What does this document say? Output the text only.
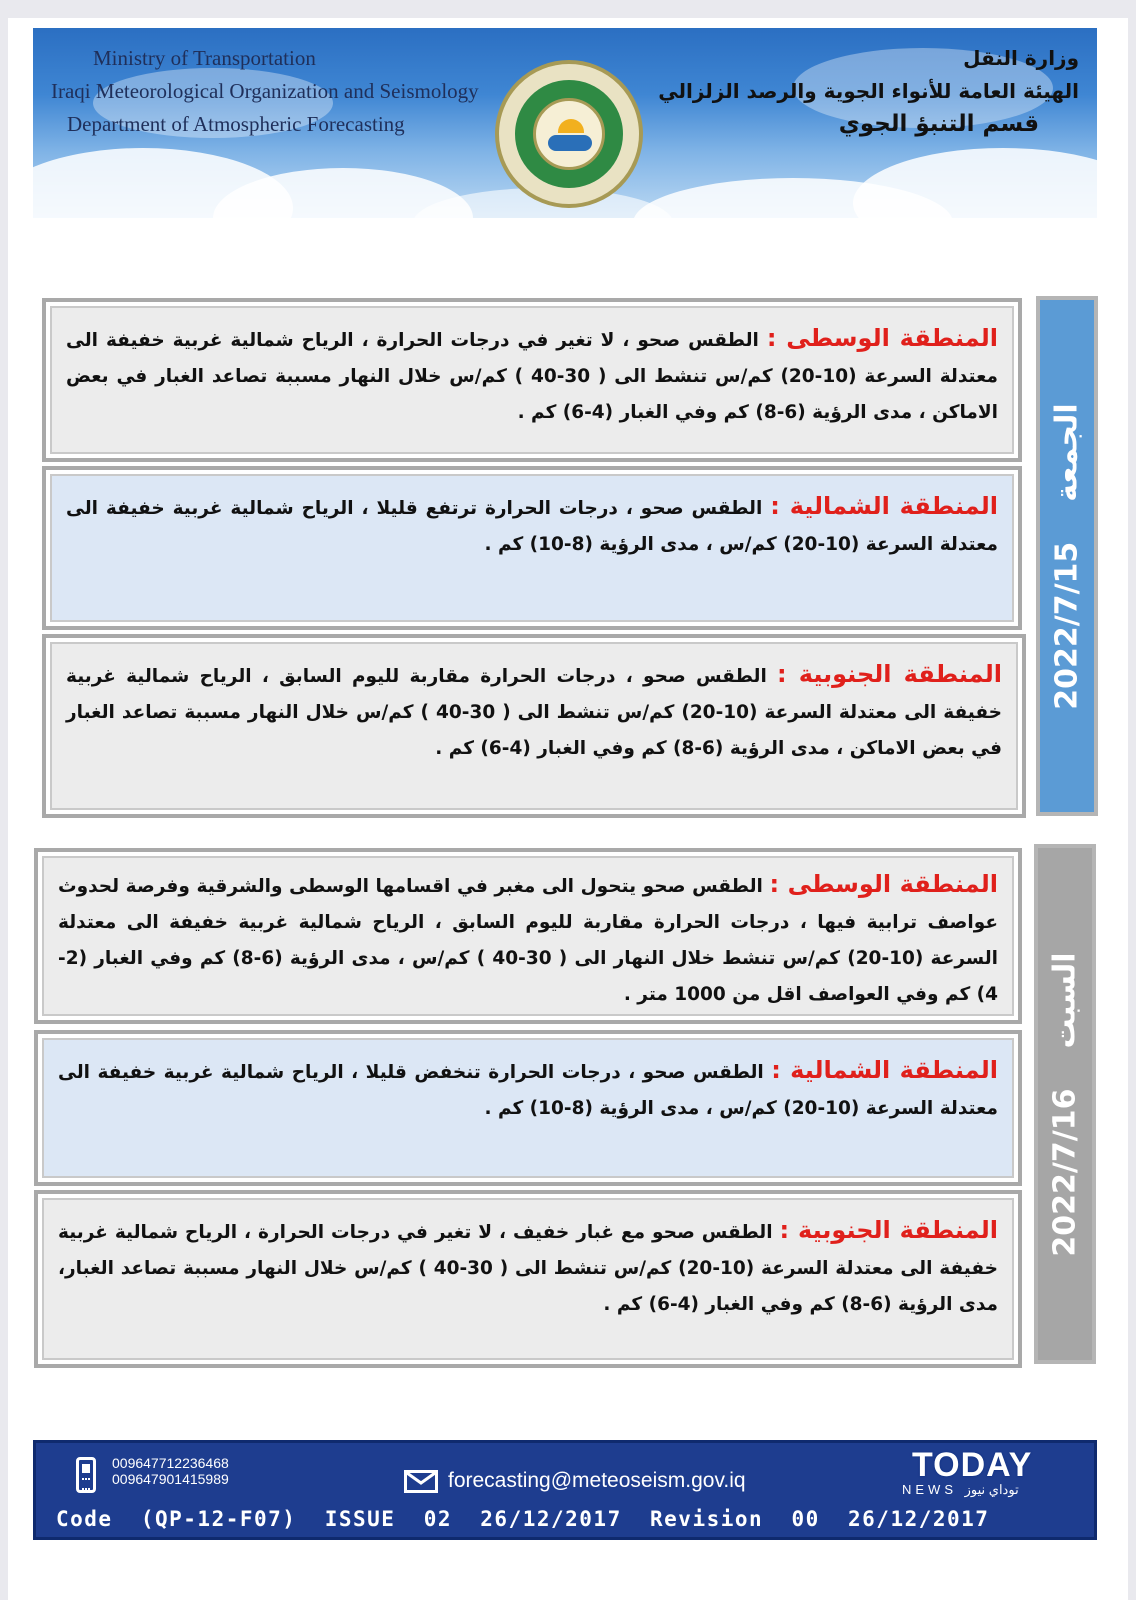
Ministry of Transportation
Iraqi Meteorological Organization and Seismology
Department of Atmospheric Forecasting
وزارة النقل
الهيئة العامة للأنواء الجوية والرصد الزلزالي
قسم التنبؤ الجوي
2022/7/15
الجمعة
المنطقة الوسطى : الطقس صحو ، لا تغير في درجات الحرارة ، الرياح شمالية غربية خفيفة الى معتدلة السرعة (10-20) كم/س تنشط الى ( 30-40 ) كم/س خلال النهار مسببة تصاعد الغبار في بعض الاماكن ، مدى الرؤية (6-8) كم وفي الغبار (4-6) كم .
المنطقة الشمالية : الطقس صحو ، درجات الحرارة ترتفع قليلا ، الرياح شمالية غربية خفيفة الى معتدلة السرعة (10-20) كم/س ، مدى الرؤية (8-10) كم .
المنطقة الجنوبية : الطقس صحو ، درجات الحرارة مقاربة لليوم السابق ، الرياح شمالية غربية خفيفة الى معتدلة السرعة (10-20) كم/س تنشط الى ( 30-40 ) كم/س خلال النهار مسببة تصاعد الغبار في بعض الاماكن ، مدى الرؤية (6-8) كم وفي الغبار (4-6) كم .
2022/7/16
السبت
المنطقة الوسطى : الطقس صحو يتحول الى مغبر في اقسامها الوسطى والشرقية وفرصة لحدوث عواصف ترابية فيها ، درجات الحرارة مقاربة لليوم السابق ، الرياح شمالية غربية خفيفة الى معتدلة السرعة (10-20) كم/س تنشط خلال النهار الى ( 30-40 ) كم/س ، مدى الرؤية (6-8) كم وفي الغبار (2-4) كم وفي العواصف اقل من 1000 متر .
المنطقة الشمالية : الطقس صحو ، درجات الحرارة تنخفض قليلا ، الرياح شمالية غربية خفيفة الى معتدلة السرعة (10-20) كم/س ، مدى الرؤية (8-10) كم .
المنطقة الجنوبية : الطقس صحو مع غبار خفيف ، لا تغير في درجات الحرارة ، الرياح شمالية غربية خفيفة الى معتدلة السرعة (10-20) كم/س تنشط الى ( 30-40 ) كم/س خلال النهار مسببة تصاعد الغبار، مدى الرؤية (6-8) كم وفي الغبار (4-6) كم .
009647712236468
009647901415989	forecasting@meteoseism.gov.iq
Code  (QP-12-F07)  ISSUE  02  26/12/2017  Revision  00  26/12/2017
TODAY
NEWS توداي نيوز
